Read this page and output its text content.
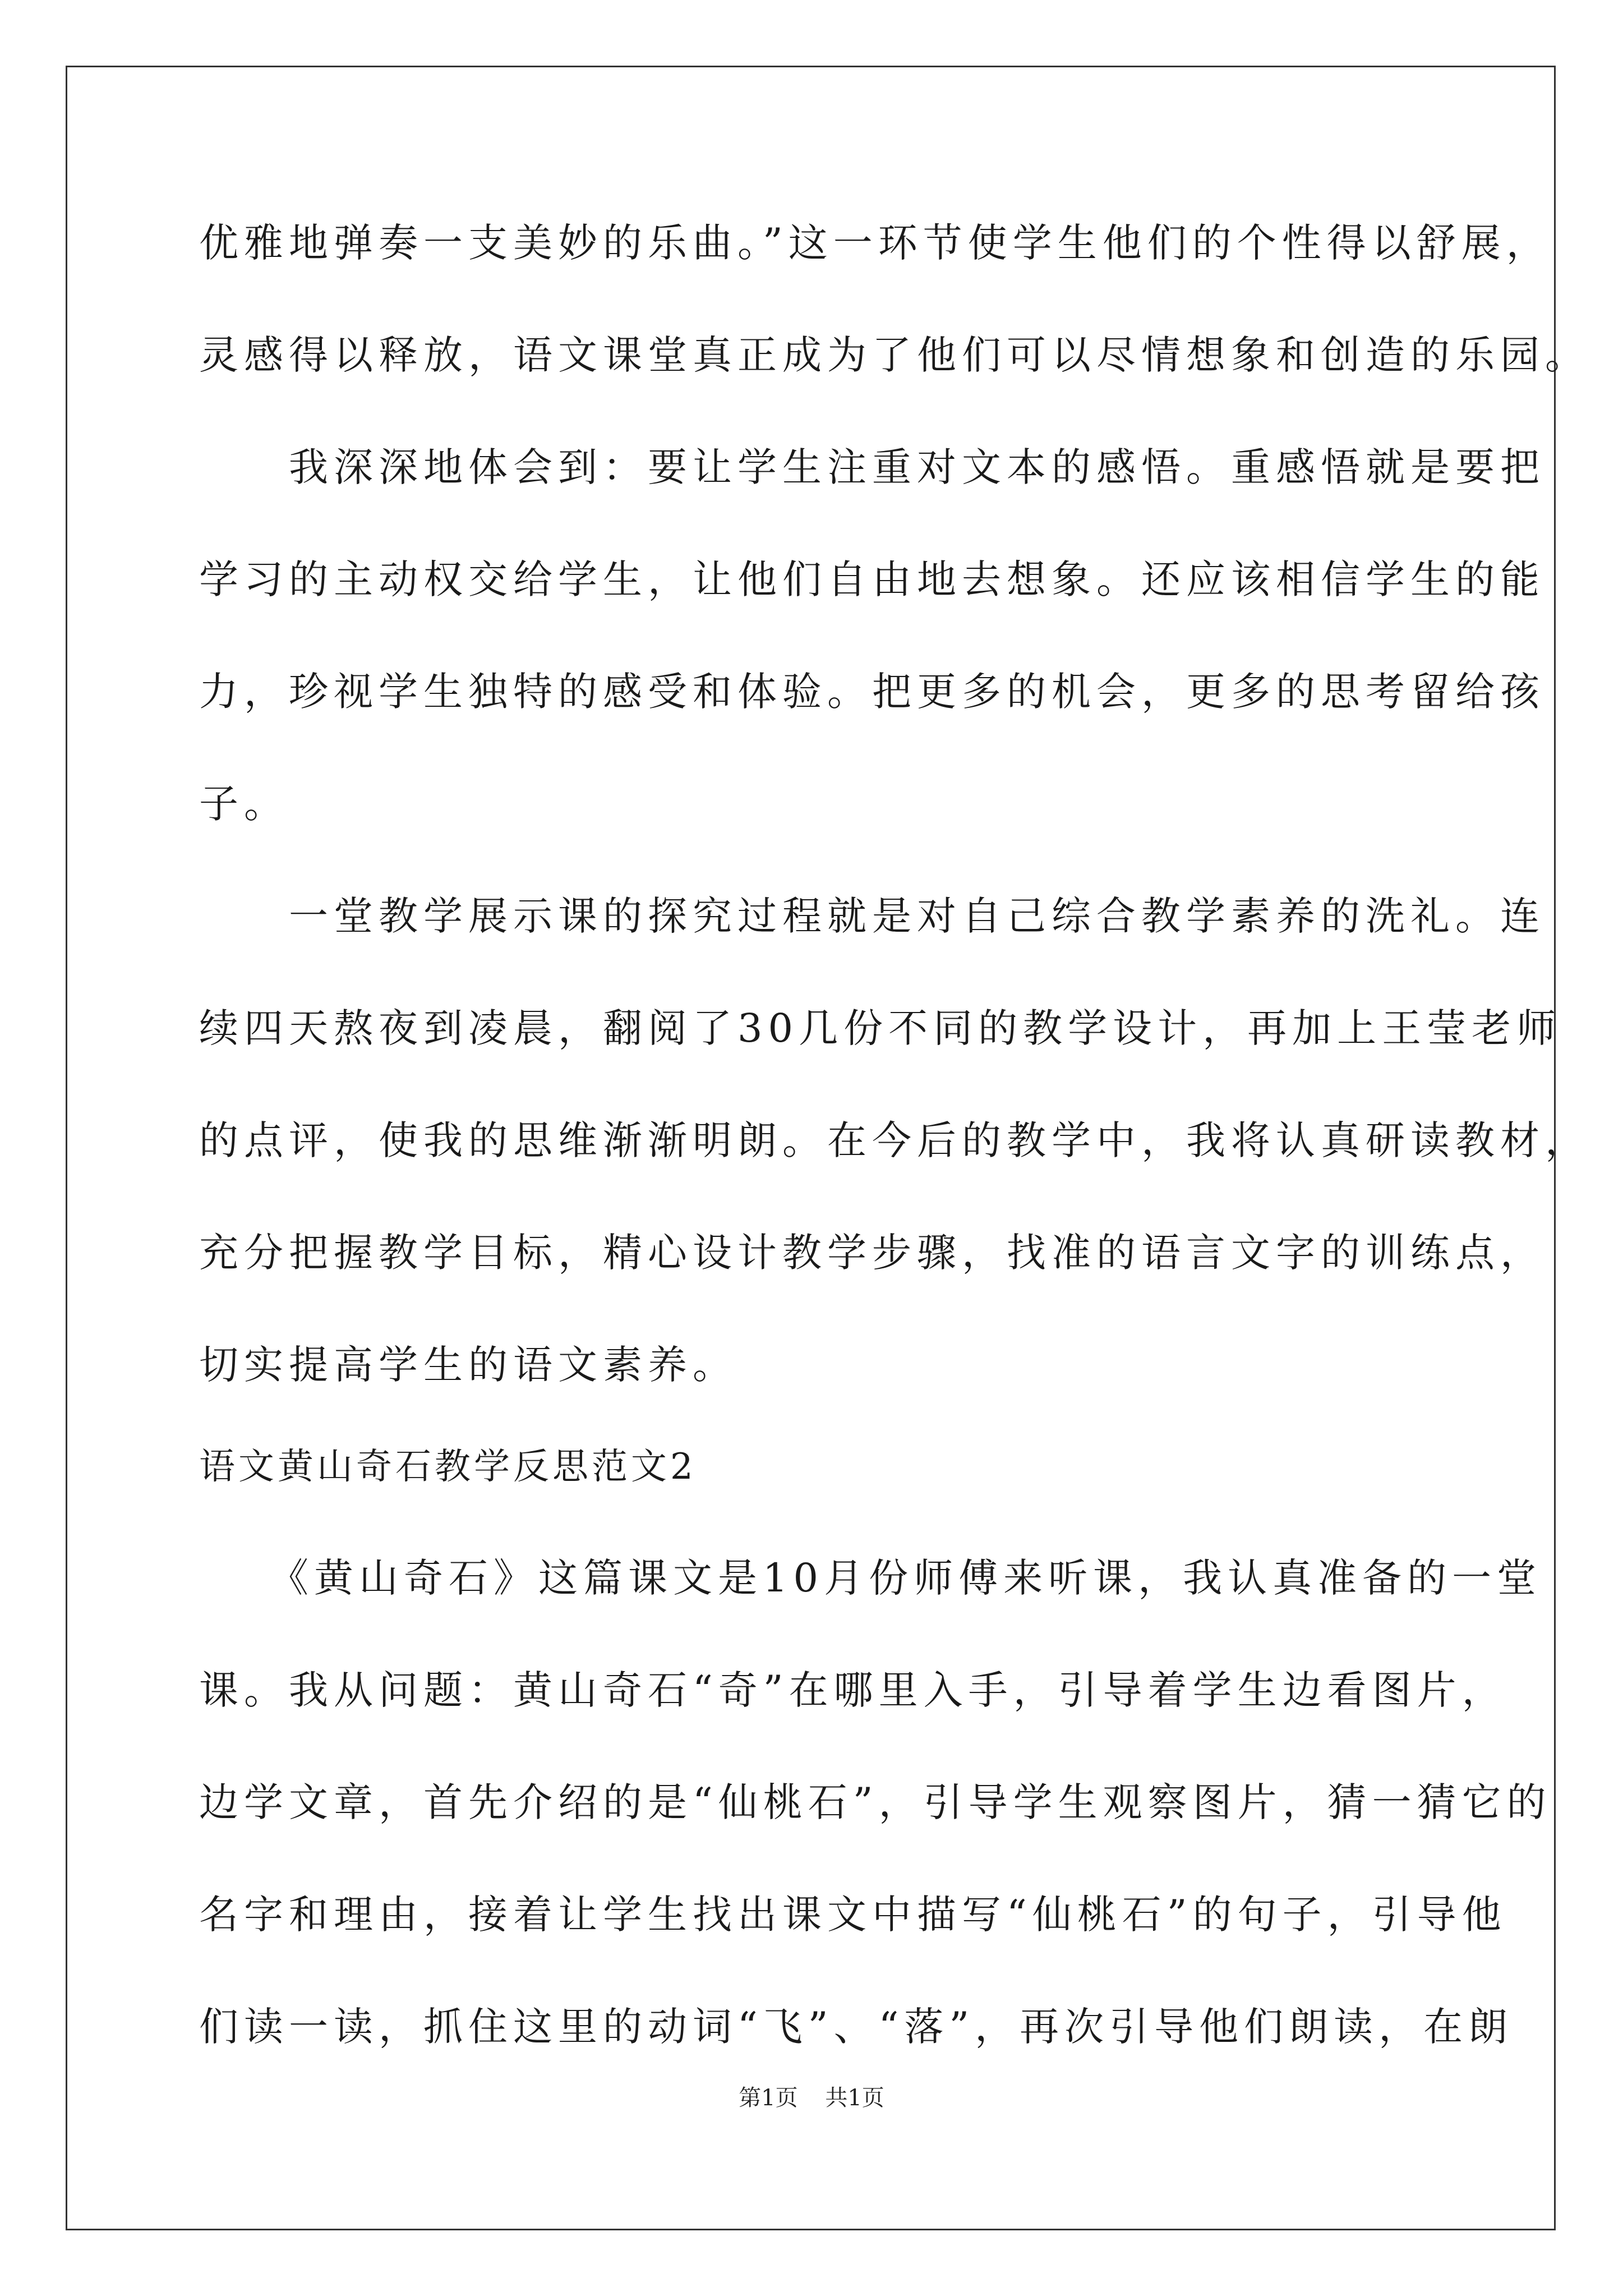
优雅地弹奏一支美妙的乐曲。”这一环节使学生他们的个性得以舒展，
灵感得以释放，语文课堂真正成为了他们可以尽情想象和创造的乐园。
　　我深深地体会到：要让学生注重对文本的感悟。重感悟就是要把
学习的主动权交给学生，让他们自由地去想象。还应该相信学生的能
力，珍视学生独特的感受和体验。把更多的机会，更多的思考留给孩
子。
　　一堂教学展示课的探究过程就是对自己综合教学素养的洗礼。连
续四天熬夜到凌晨，翻阅了30几份不同的教学设计，再加上王莹老师
的点评，使我的思维渐渐明朗。在今后的教学中，我将认真研读教材，
充分把握教学目标，精心设计教学步骤，找准的语言文字的训练点，
切实提高学生的语文素养。
语文黄山奇石教学反思范文2
　　《黄山奇石》这篇课文是10月份师傅来听课，我认真准备的一堂
课。我从问题：黄山奇石“奇”在哪里入手，引导着学生边看图片，
边学文章，首先介绍的是“仙桃石”，引导学生观察图片，猜一猜它的
名字和理由，接着让学生找出课文中描写“仙桃石”的句子，引导他
们读一读，抓住这里的动词“飞”、“落”，再次引导他们朗读，在朗
第1页 共1页
